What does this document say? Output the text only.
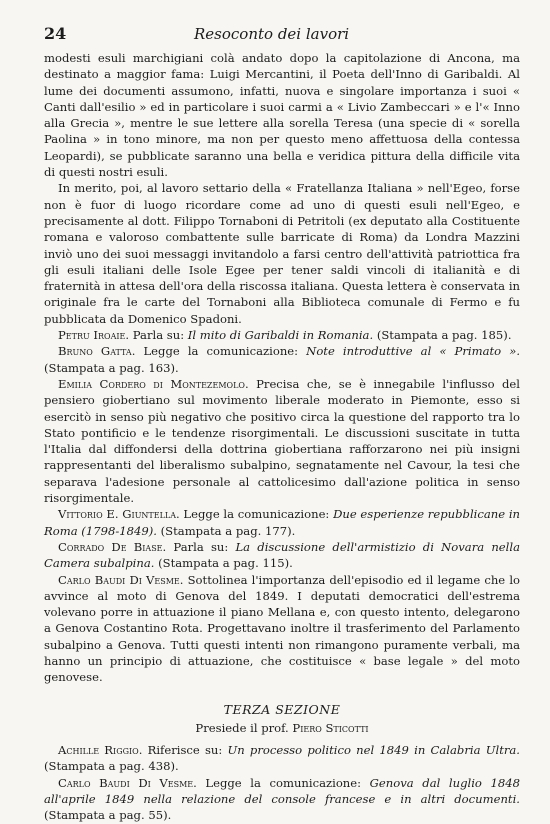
24	Resoconto dei lavori

modesti esuli marchigiani colà andato dopo la capitolazione di Ancona, ma destinato a maggior fama: Luigi Mercantini, il Poeta dell'Inno di Garibaldi. Al lume dei documenti assumono, infatti, nuova e singolare importanza i suoi « Canti dall'esilio » ed in particolare i suoi carmi a « Livio Zambeccari » e l'« Inno alla Grecia », mentre le sue lettere alla sorella Teresa (una specie di « sorella Paolina » in tono minore, ma non per questo meno affettuosa della contessa Leopardi), se pubblicate saranno una bella e veridica pittura della difficile vita di questi nostri esuli.

In merito, poi, al lavoro settario della « Fratellanza Italiana » nell'Egeo, forse non è fuor di luogo ricordare come ad uno di questi esuli nell'Egeo, e precisamente al dott. Filippo Tornaboni di Petritoli (ex deputato alla Costituente romana e valoroso combattente sulle barricate di Roma) da Londra Mazzini inviò uno dei suoi messaggi invitandolo a farsi centro dell'attività patriottica fra gli esuli italiani delle Isole Egee per tener saldi vincoli di italianità e di fraternità in attesa dell'ora della riscossa italiana. Questa lettera è conservata in originale fra le carte del Tornaboni alla Biblioteca comunale di Fermo e fu pubblicata da Domenico Spadoni.

Petru Iroaie. Parla su: Il mito di Garibaldi in Romania. (Stampata a pag. 185).

Bruno Gatta. Legge la comunicazione: Note introduttive al « Primato ». (Stampata a pag. 163).

Emilia Cordero di Montezemolo. Precisa che, se è innegabile l'influsso del pensiero giobertiano sul movimento liberale moderato in Piemonte, esso si esercitò in senso più negativo che positivo circa la questione del rapporto tra lo Stato pontificio e le tendenze risorgimentali. Le discussioni suscitate in tutta l'Italia dal diffondersi della dottrina giobertiana rafforzarono nei più insigni rappresentanti del liberalismo subalpino, segnatamente nel Cavour, la tesi che separava l'adesione personale al cattolicesimo dall'azione politica in senso risorgimentale.

Vittorio E. Giuntella. Legge la comunicazione: Due esperienze repubblicane in Roma (1798-1849). (Stampata a pag. 177).

Corrado De Biase. Parla su: La discussione dell'armistizio di Novara nella Camera subalpina. (Stampata a pag. 115).

Carlo Baudi Di Vesme. Sottolinea l'importanza dell'episodio ed il legame che lo avvince al moto di Genova del 1849. I deputati democratici dell'estrema volevano porre in attuazione il piano Mellana e, con questo intento, delegarono a Genova Costantino Rota. Progettavano inoltre il trasferimento del Parlamento subalpino a Genova. Tutti questi intenti non rimangono puramente verbali, ma hanno un principio di attuazione, che costituisce « base legale » del moto genovese.

TERZA SEZIONE
Presiede il prof. Piero Sticotti

Achille Riggio. Riferisce su: Un processo politico nel 1849 in Calabria Ultra. (Stampata a pag. 438).

Carlo Baudi Di Vesme. Legge la comunicazione: Genova dal luglio 1848 all'aprile 1849 nella relazione del console francese e in altri documenti. (Stampata a pag. 55).
